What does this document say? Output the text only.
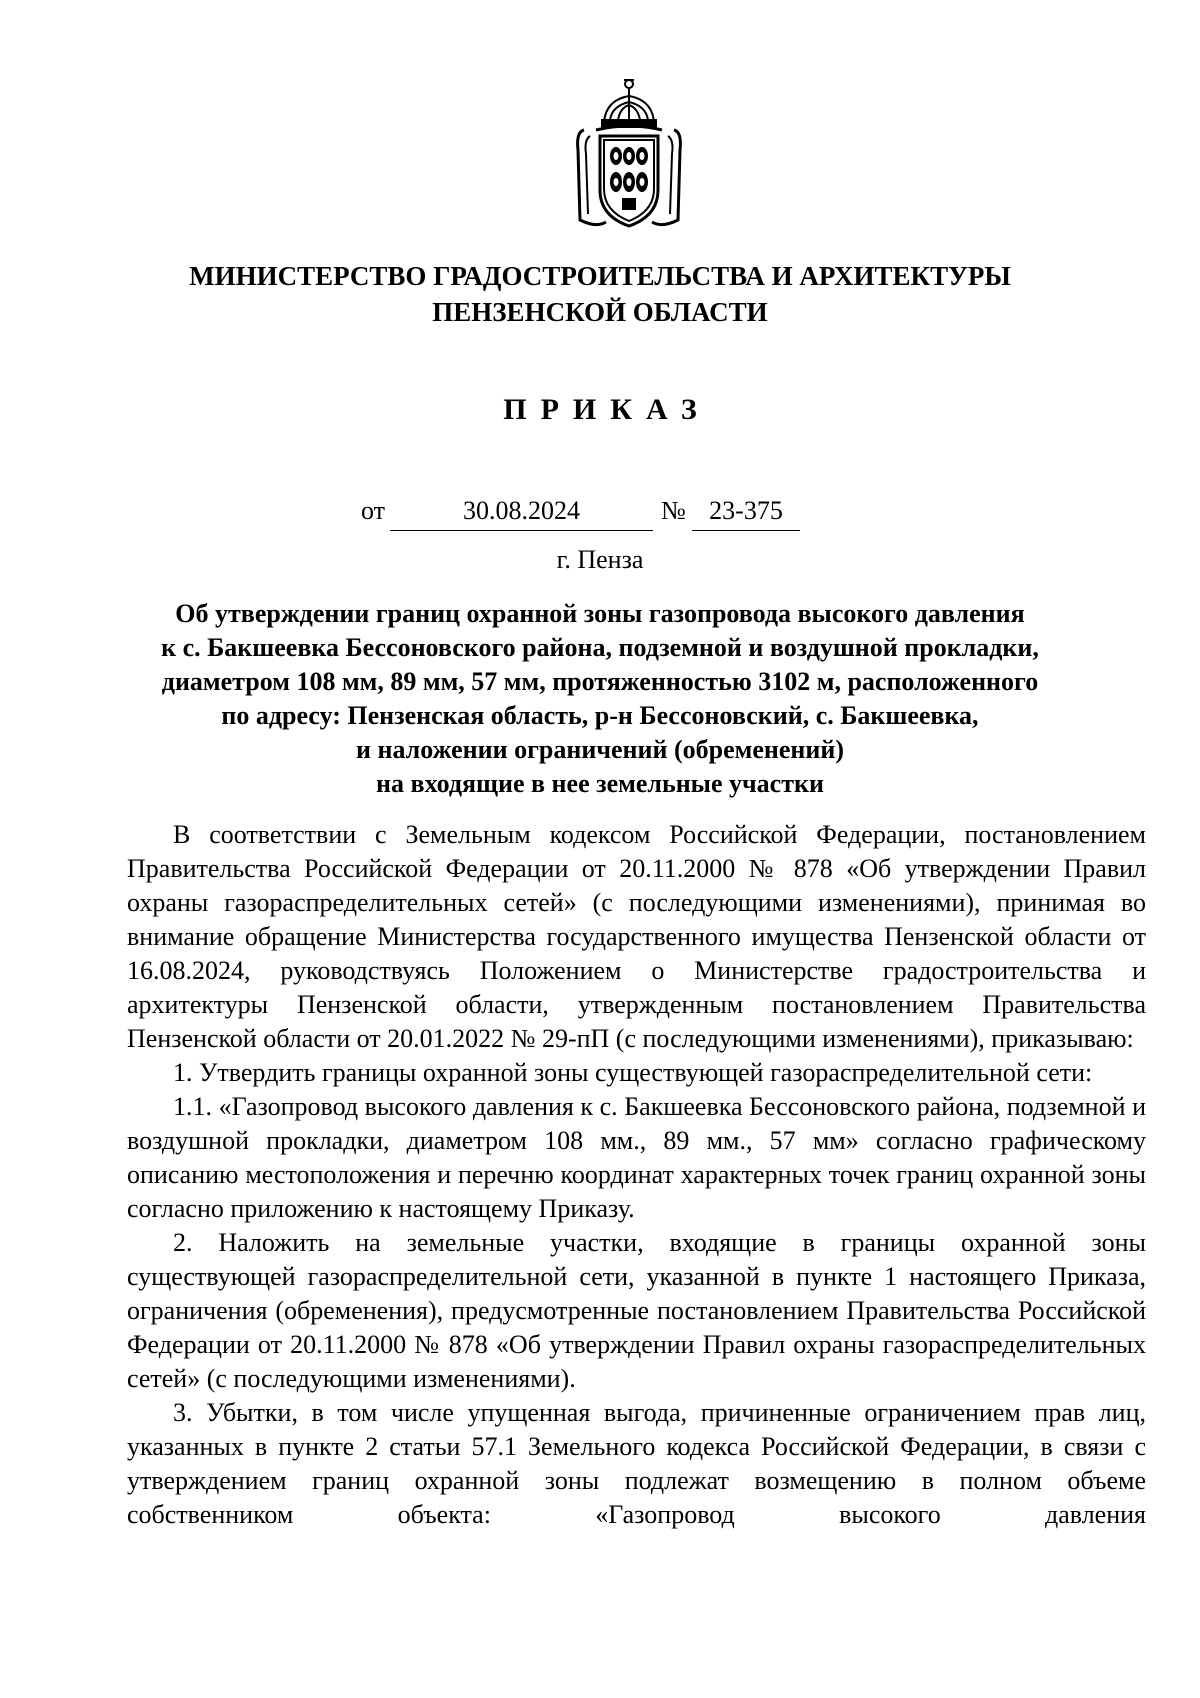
МИНИСТЕРСТВО ГРАДОСТРОИТЕЛЬСТВА И АРХИТЕКТУРЫ
ПЕНЗЕНСКОЙ ОБЛАСТИ
ПРИКАЗ
от	30.08.2024	№ 23-375
г. Пенза
Об утверждении границ охранной зоны газопровода высокого давления
к с. Бакшеевка Бессоновского района, подземной и воздушной прокладки,
диаметром 108 мм, 89 мм, 57 мм, протяженностью 3102 м, расположенного
по адресу: Пензенская область, р-н Бессоновский, с. Бакшеевка,
и наложении ограничений (обременений)
на входящие в нее земельные участки

В соответствии с Земельным кодексом Российской Федерации, постановлением Правительства Российской Федерации от 20.11.2000 № 878 «Об утверждении Правил охраны газораспределительных сетей» (с последующими изменениями), принимая во внимание обращение Министерства государственного имущества Пензенской области от 16.08.2024, руководствуясь Положением о Министерстве градостроительства и архитектуры Пензенской области, утвержденным постановлением Правительства Пензенской области от 20.01.2022 № 29-пП (с последующими изменениями), приказываю:

1. Утвердить границы охранной зоны существующей газораспределительной сети:

1.1. «Газопровод высокого давления к с. Бакшеевка Бессоновского района, подземной и воздушной прокладки, диаметром 108 мм., 89 мм., 57 мм» согласно графическому описанию местоположения и перечню координат характерных точек границ охранной зоны согласно приложению к настоящему Приказу.

2. Наложить на земельные участки, входящие в границы охранной зоны существующей газораспределительной сети, указанной в пункте 1 настоящего Приказа, ограничения (обременения), предусмотренные постановлением Правительства Российской Федерации от 20.11.2000 № 878 «Об утверждении Правил охраны газораспределительных сетей» (с последующими изменениями).

3. Убытки, в том числе упущенная выгода, причиненные ограничением прав лиц, указанных в пункте 2 статьи 57.1 Земельного кодекса Российской Федерации, в связи с утверждением границ охранной зоны подлежат возмещению в полном объеме собственником объекта: «Газопровод высокого давления
